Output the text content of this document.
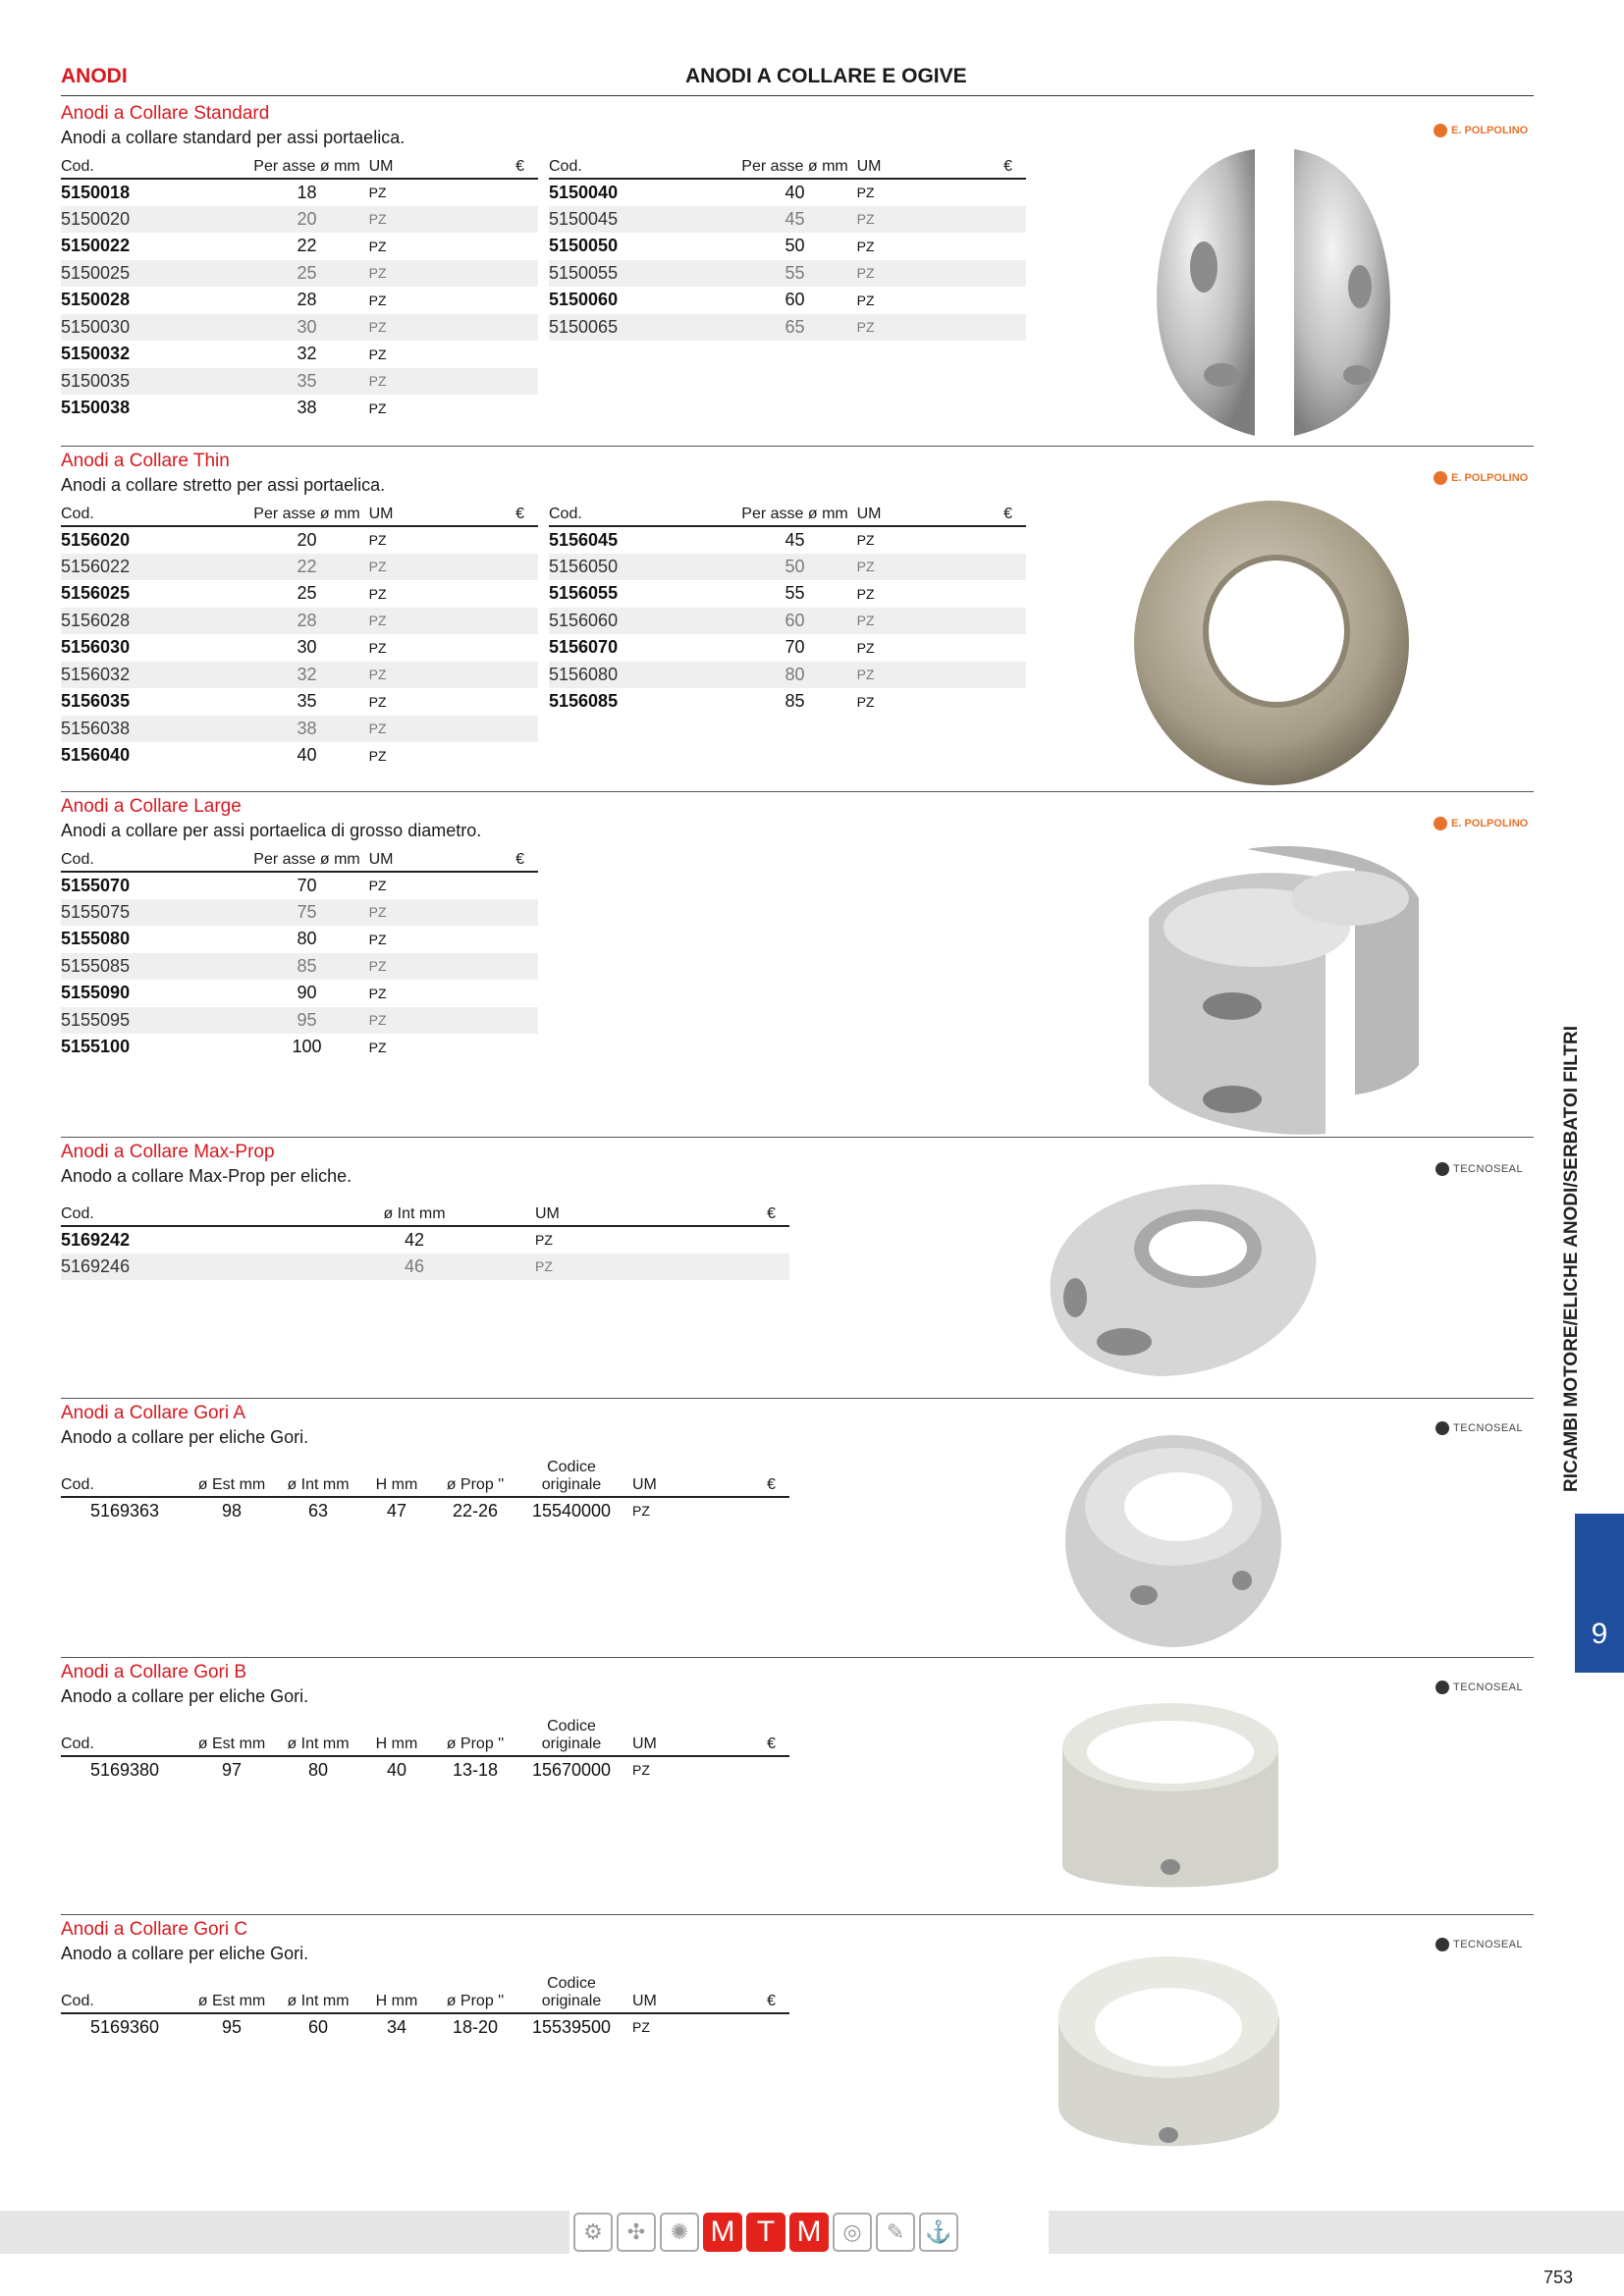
ANODI	ANODI A COLLARE E OGIVE
Anodi a Collare Standard
Anodi a collare standard per assi portaelica.
Cod.	Per asse ø mm	UM	€
5150018	18	PZ	
5150020	20	PZ	
5150022	22	PZ	
5150025	25	PZ	
5150028	28	PZ	
5150030	30	PZ	
5150032	32	PZ	
5150035	35	PZ	
5150038	38	PZ	
Cod.	Per asse ø mm	UM	€
5150040	40	PZ	
5150045	45	PZ	
5150050	50	PZ	
5150055	55	PZ	
5150060	60	PZ	
5150065	65	PZ	
E. POLPOLINO
Anodi a Collare Thin
Anodi a collare stretto per assi portaelica.
Cod.	Per asse ø mm	UM	€
5156020	20	PZ	
5156022	22	PZ	
5156025	25	PZ	
5156028	28	PZ	
5156030	30	PZ	
5156032	32	PZ	
5156035	35	PZ	
5156038	38	PZ	
5156040	40	PZ	
Cod.	Per asse ø mm	UM	€
5156045	45	PZ	
5156050	50	PZ	
5156055	55	PZ	
5156060	60	PZ	
5156070	70	PZ	
5156080	80	PZ	
5156085	85	PZ	
E. POLPOLINO
Anodi a Collare Large
Anodi a collare per assi portaelica di grosso diametro.
Cod.	Per asse ø mm	UM	€
5155070	70	PZ	
5155075	75	PZ	
5155080	80	PZ	
5155085	85	PZ	
5155090	90	PZ	
5155095	95	PZ	
5155100	100	PZ	
E. POLPOLINO
Anodi a Collare Max-Prop
Anodo a collare Max-Prop per eliche.
Cod.	ø Int mm	UM	€
5169242	42	PZ	
5169246	46	PZ	
TECNOSEAL
Anodi a Collare Gori A
Anodo a collare per eliche Gori.
Cod.	ø Est mm	ø Int mm	H mm	ø Prop ''	Codice originale	UM	€
5169363	98	63	47	22-26	15540000	PZ	
TECNOSEAL
Anodi a Collare Gori B
Anodo a collare per eliche Gori.
Cod.	ø Est mm	ø Int mm	H mm	ø Prop ''	Codice originale	UM	€
5169380	97	80	40	13-18	15670000	PZ	
TECNOSEAL
Anodi a Collare Gori C
Anodo a collare per eliche Gori.
Cod.	ø Est mm	ø Int mm	H mm	ø Prop ''	Codice originale	UM	€
5169360	95	60	34	18-20	15539500	PZ	
TECNOSEAL
RICAMBI MOTORE/ELICHE ANODI/SERBATOI FILTRI
9
⚙	✣	✺ M T M ◎	✎ ⚓
753
